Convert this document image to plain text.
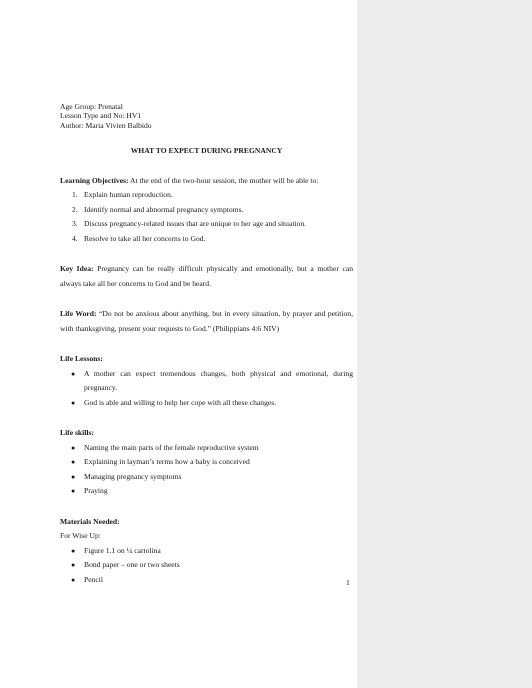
Age Group: Prenatal
Lesson Type and No: HV1
Author: Maria Vivien Balbido
WHAT TO EXPECT DURING PREGNANCY
Learning Objectives: At the end of the two-hour session, the mother will be able to:
1. Explain human reproduction.
2. Identify normal and abnormal pregnancy symptoms.
3. Discuss pregnancy-related issues that are unique to her age and situation.
4. Resolve to take all her concerns to God.
Key Idea: Pregnancy can be really difficult physically and emotionally, but a mother can always take all her concerns to God and be heard.
Life Word: “Do not be anxious about anything, but in every situation, by prayer and petition, with thanksgiving, present your requests to God.” (Philippians 4:6 NIV)
Life Lessons:
● A mother can expect tremendous changes, both physical and emotional, during pregnancy.
● God is able and willing to help her cope with all these changes.
Life skills:
● Naming the main parts of the female reproductive system
● Explaining in layman’s terms how a baby is conceived
● Managing pregnancy symptoms
● Praying
Materials Needed:
For Wise Up:
● Figure 1.1 on ¼ cartolina
● Bond paper – one or two sheets
● Pencil	1
